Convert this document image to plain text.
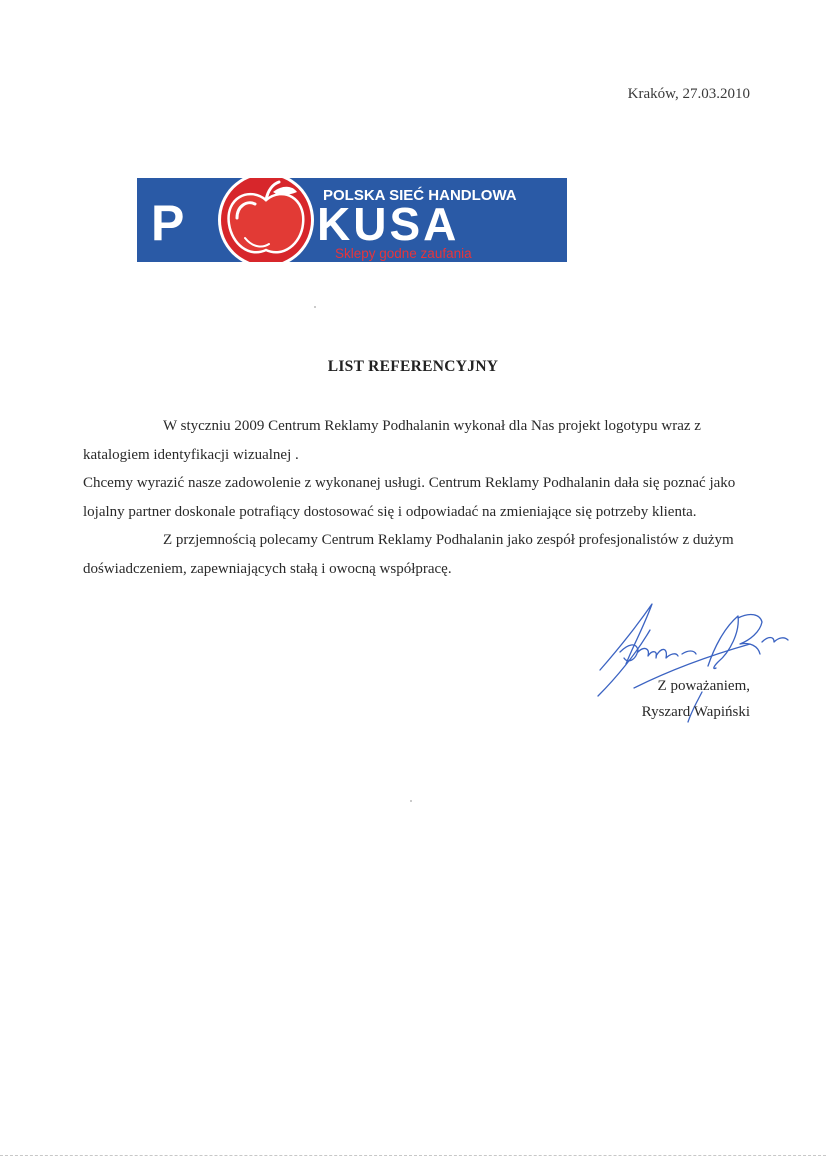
Kraków, 27.03.2010
P	POLSKA SIEĆ HANDLOWA
KUSA
Sklepy godne zaufania
LIST REFERENCYJNY

W styczniu 2009 Centrum Reklamy Podhalanin wykonał dla Nas projekt logotypu wraz z katalogiem identyfikacji wizualnej .

Chcemy wyrazić nasze zadowolenie z wykonanej usługi. Centrum Reklamy Podhalanin dała się poznać jako lojalny partner doskonale potrafiący dostosować się i odpowiadać na zmieniające się potrzeby klienta.

Z przjemnością polecamy Centrum Reklamy Podhalanin jako zespół profesjonalistów z dużym doświadczeniem, zapewniających stałą i owocną współpracę.

Z poważaniem,
Ryszard Wapiński
